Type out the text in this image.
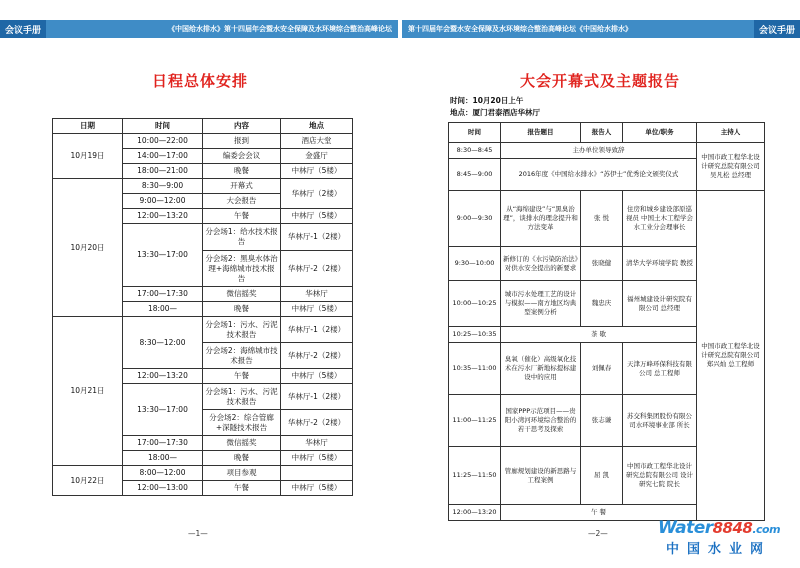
会议手册	《中国给水排水》第十四届年会暨水安全保障及水环境综合整治高峰论坛
日程总体安排
日期	时间	内容	地点
10月19日	10:00—22:00	报到	酒店大堂
	14:00—17:00	编委会会议	金盛厅
	18:00—21:00	晚餐	中林厅（5楼）
10月20日	8:30—9:00	开幕式	华林厅（2楼）
	9:00—12:00	大会报告	
	12:00—13:20	午餐	中林厅（5楼）
	13:30—17:00	分会场1：给水技术报告	华林厅-1（2楼）
		分会场2：黑臭水体治理+海绵城市技术报告	华林厅-2（2楼）
	17:00—17:30	微信摇奖	华林厅
	18:00—	晚餐	中林厅（5楼）
10月21日	8:30—12:00	分会场1：污水、污泥技术报告	华林厅-1（2楼）
		分会场2：海绵城市技术报告	华林厅-2（2楼）
	12:00—13:20	午餐	中林厅（5楼）
	13:30—17:00	分会场1：污水、污泥技术报告	华林厅-1（2楼）
		分会场2：综合管廊+深隧技术报告	华林厅-2（2楼）
	17:00—17:30	微信摇奖	华林厅
	18:00—	晚餐	中林厅（5楼）
10月22日	8:00—12:00	项目参观	
	12:00—13:00	午餐	中林厅（5楼）
—1—
第十四届年会暨水安全保障及水环境综合整治高峰论坛《中国给水排水》	会议手册
大会开幕式及主题报告
时间：10月20日上午
地点：厦门君泰酒店华林厅
时间	报告题目	报告人	单位/职务	主持人
8:30—8:45	主办单位领导致辞			中国市政工程华北设计研究总院有限公司 吴凡松 总经理
8:45—9:00	2016年度《中国给水排水》“苏伊士”优秀论文颁奖仪式			
9:00—9:30	从“海绵建设”与“黑臭治理”，谈排水的理念提升和方法变革	张 悦	住房和城乡建设部原巡视员 中国土木工程学会水工业分会理事长	中国市政工程华北设计研究总院有限公司 郑兴灿 总工程师
9:30—10:00	新修订的《水污染防治法》对供水安全提出的新要求	张晓健	清华大学环境学院 教授	
10:00—10:25	城市污水处理工艺的设计与模拟——南方地区均典型案例分析	魏忠庆	福州城建设计研究院有限公司 总经理	
10:25—10:35	茶 歇			
10:35—11:00	臭氧（催化）高级氧化技术在污水厂新地标提标建设中的应用	刘佩春	天津万峰环保科技有限公司 总工程师	
11:00—11:25	国家PPP示范项目——贵阳小湾河环境综合整治的若干思考及探索	张志谦	苏交科集团股份有限公司水环境事业部 所长	
11:25—11:50	管廊规划建设的新思路与工程案例	屈 凯	中国市政工程华北设计研究总院有限公司 设计研究七院 院长	
12:00—13:20	午 餐			
—2—	Water8848.com
中国水业网
